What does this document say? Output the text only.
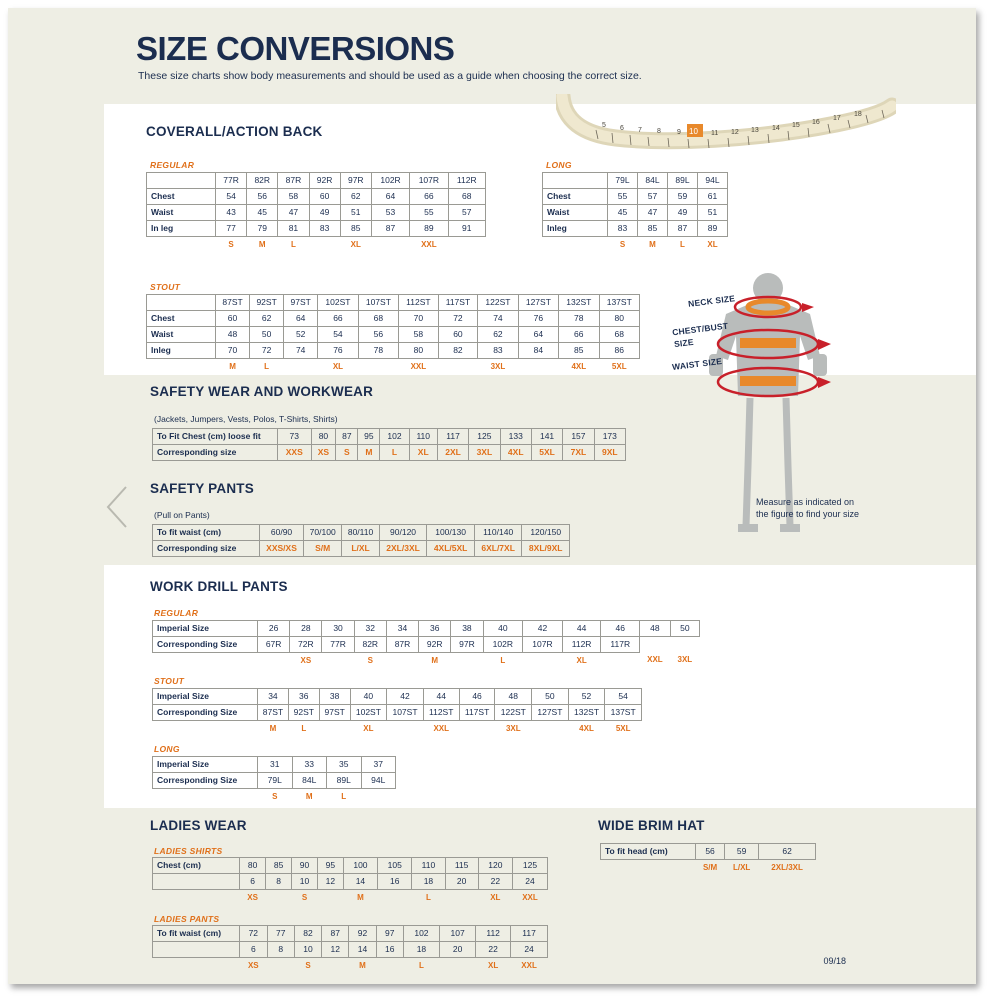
SIZE CONVERSIONS
These size charts show body measurements and should be used as a guide when choosing the correct size.
5 6 7 8 9	11 12 13 14 15 16
17
18
10
COVERALL/ACTION BACK
REGULAR
	77R	82R	87R	92R	97R	102R	107R	112R
Chest	54	56	58	60	62	64	66	68
Waist	43	45	47	49	51	53	55	57
In leg	77	79	81	83	85	87	89	91
	S	M	L		XL		XXL	
LONG
	79L	84L	89L	94L
Chest	55	57	59	61
Waist	45	47	49	51
Inleg	83	85	87	89
	S	M	L	XL
STOUT
	87ST	92ST	97ST	102ST	107ST	112ST	117ST	122ST	127ST	132ST	137ST
Chest	60	62	64	66	68	70	72	74	76	78	80
Waist	48	50	52	54	56	58	60	62	64	66	68
Inleg	70	72	74	76	78	80	82	83	84	85	86
	M	L		XL		XXL		3XL		4XL	5XL
SAFETY WEAR AND WORKWEAR
(Jackets, Jumpers, Vests, Polos, T-Shirts, Shirts)
To Fit Chest (cm) loose fit	73	80	87	95	102	110	117	125	133	141	157	173
Corresponding size	XXS	XS	S	M	L	XL	2XL	3XL	4XL	5XL	7XL	9XL
SAFETY PANTS
(Pull on Pants)
To fit waist (cm)	60/90	70/100	80/110	90/120	100/130	110/140	120/150
Corresponding size	XXS/XS	S/M	L/XL	2XL/3XL	4XL/5XL	6XL/7XL	8XL/9XL
WORK DRILL PANTS
REGULAR
Imperial Size	26	28	30	32	34	36	38	40	42	44	46	48	50
Corresponding Size	67R	72R	77R	82R	87R	92R	97R	102R	107R	112R	117R		
		XS		S		M		L		XL		XXL	3XL
STOUT
Imperial Size	34	36	38	40	42	44	46	48	50	52	54
Corresponding Size	87ST	92ST	97ST	102ST	107ST	112ST	117ST	122ST	127ST	132ST	137ST
	M	L		XL		XXL		3XL		4XL	5XL
LONG
Imperial Size	31	33	35	37
Corresponding Size	79L	84L	89L	94L
	S	M	L	
LADIES WEAR
LADIES SHIRTS
Chest (cm)	80	85	90	95	100	105	110	115	120	125
	6	8	10	12	14	16	18	20	22	24
	XS		S		M		L		XL	XXL
LADIES PANTS
To fit waist (cm)	72	77	82	87	92	97	102	107	112	117
	6	8	10	12	14	16	18	20	22	24
	XS		S		M		L		XL	XXL
WIDE BRIM HAT
To fit head (cm)	56	59	62
	S/M	L/XL	2XL/3XL
NECK SIZE
CHEST/BUST
SIZE
WAIST SIZE
Measure as indicated on the figure to find your size
09/18
